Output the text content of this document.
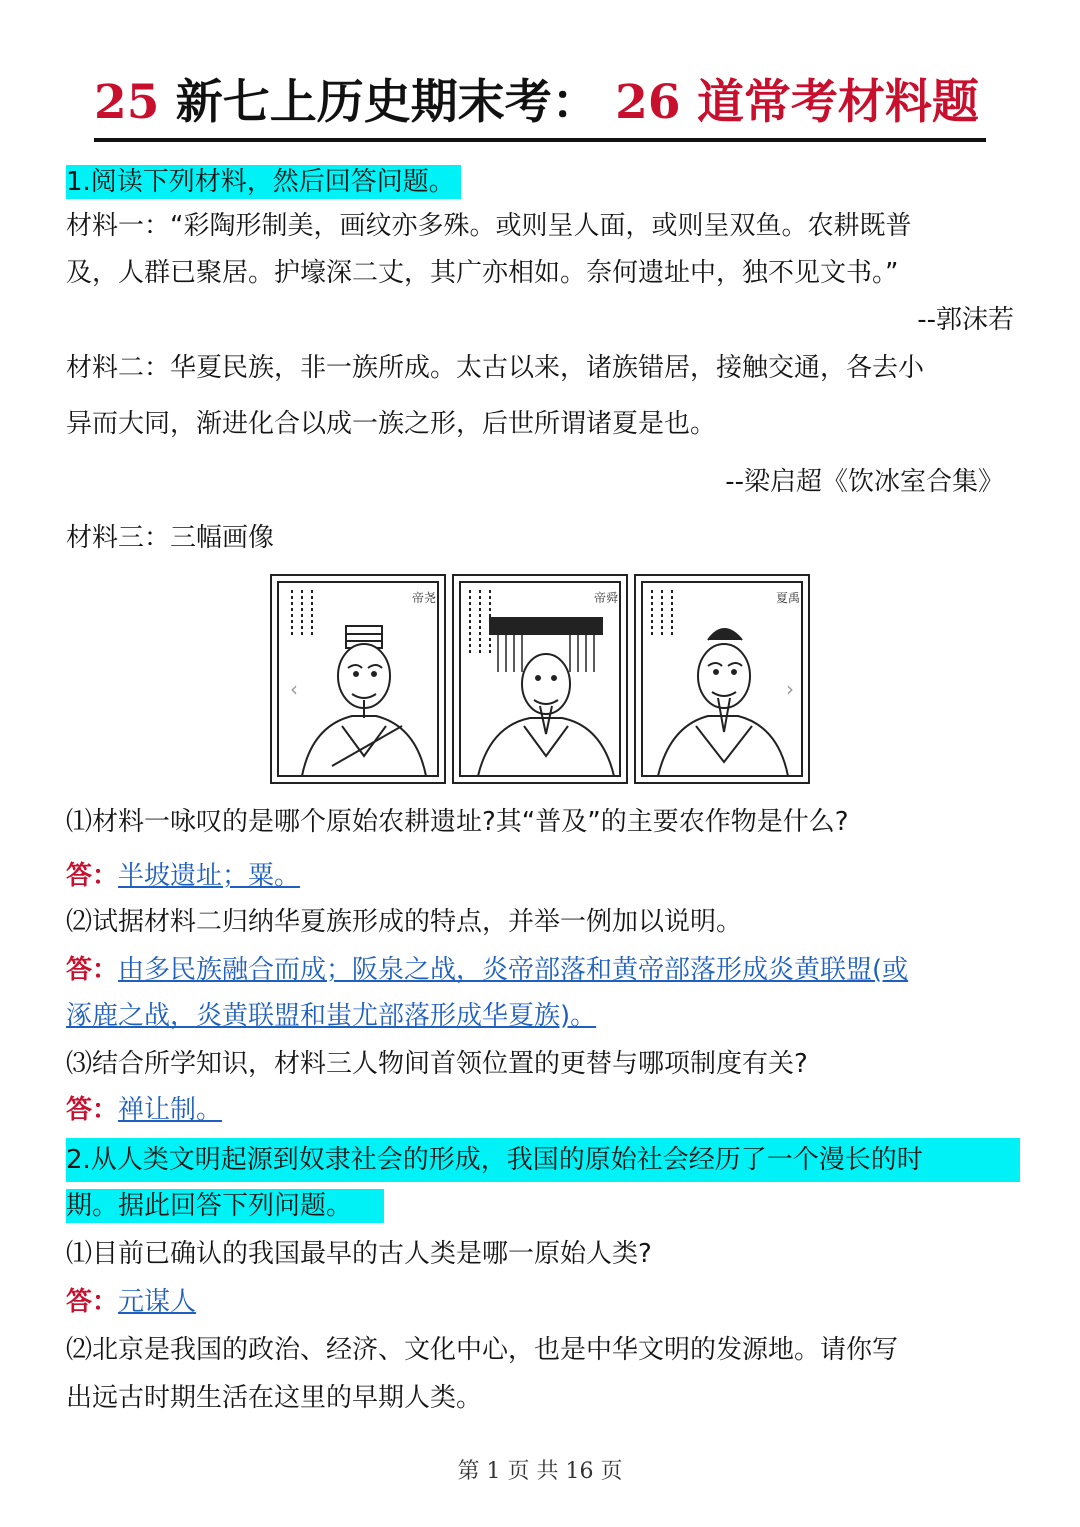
25 新七上历史期末考： 26 道常考材料题
1.阅读下列材料，然后回答问题。
材料一：“彩陶形制美，画纹亦多殊。或则呈人面，或则呈双鱼。农耕既普
及，人群已聚居。护壕深二丈，其广亦相如。奈何遗址中，独不见文书。”
--郭沫若
材料二：华夏民族，非一族所成。太古以来，诸族错居，接触交通，各去小
异而大同，渐进化合以成一族之形，后世所谓诸夏是也。
--梁启超《饮冰室合集》
材料三：三幅画像
帝尧
‹
帝舜	夏禹
›
⑴材料一咏叹的是哪个原始农耕遗址?其“普及”的主要农作物是什么?
答：半坡遗址；粟。
⑵试据材料二归纳华夏族形成的特点，并举一例加以说明。
答：由多民族融合而成；阪泉之战，炎帝部落和黄帝部落形成炎黄联盟(或
涿鹿之战，炎黄联盟和蚩尤部落形成华夏族)。
⑶结合所学知识，材料三人物间首领位置的更替与哪项制度有关?
答：禅让制。
2.从人类文明起源到奴隶社会的形成，我国的原始社会经历了一个漫长的时
期。据此回答下列问题。
⑴目前已确认的我国最早的古人类是哪一原始人类?
答：元谋人
⑵北京是我国的政治、经济、文化中心，也是中华文明的发源地。请你写
出远古时期生活在这里的早期人类。
第 1 页 共 16 页
